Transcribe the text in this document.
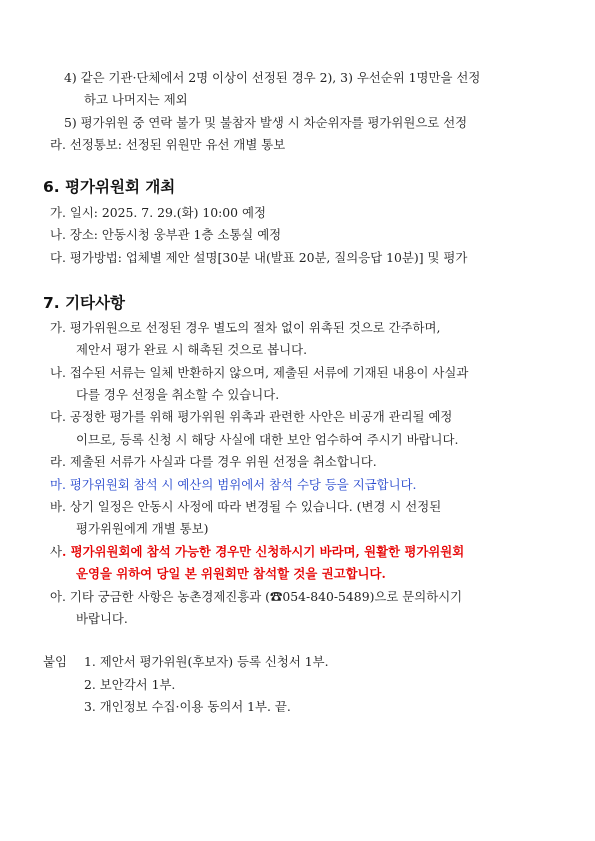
4) 같은 기관·단체에서 2명 이상이 선정된 경우 2), 3) 우선순위 1명만을 선정
하고 나머지는 제외
5) 평가위원 중 연락 불가 및 불참자 발생 시 차순위자를 평가위원으로 선정
라. 선정통보: 선정된 위원만 유선 개별 통보
6. 평가위원회 개최
가. 일시: 2025. 7. 29.(화) 10:00 예정
나. 장소: 안동시청 웅부관 1층 소통실 예정
다. 평가방법: 업체별 제안 설명[30분 내(발표 20분, 질의응답 10분)] 및 평가
7. 기타사항
가. 평가위원으로 선정된 경우 별도의 절차 없이 위촉된 것으로 간주하며,
제안서 평가 완료 시 해촉된 것으로 봅니다.
나. 접수된 서류는 일체 반환하지 않으며, 제출된 서류에 기재된 내용이 사실과
다를 경우 선정을 취소할 수 있습니다.
다. 공정한 평가를 위해 평가위원 위촉과 관련한 사안은 비공개 관리될 예정
이므로, 등록 신청 시 해당 사실에 대한 보안 엄수하여 주시기 바랍니다.
라. 제출된 서류가 사실과 다를 경우 위원 선정을 취소합니다.
마. 평가위원회 참석 시 예산의 범위에서 참석 수당 등을 지급합니다.
바. 상기 일정은 안동시 사정에 따라 변경될 수 있습니다. (변경 시 선정된
평가위원에게 개별 통보)
사. 평가위원회에 참석 가능한 경우만 신청하시기 바라며, 원활한 평가위원회
운영을 위하여 당일 본 위원회만 참석할 것을 권고합니다.
아. 기타 궁금한 사항은 농촌경제진흥과 (☎054-840-5489)으로 문의하시기
바랍니다.
붙임 1. 제안서 평가위원(후보자) 등록 신청서 1부.
2. 보안각서 1부.
3. 개인정보 수집·이용 동의서 1부. 끝.
